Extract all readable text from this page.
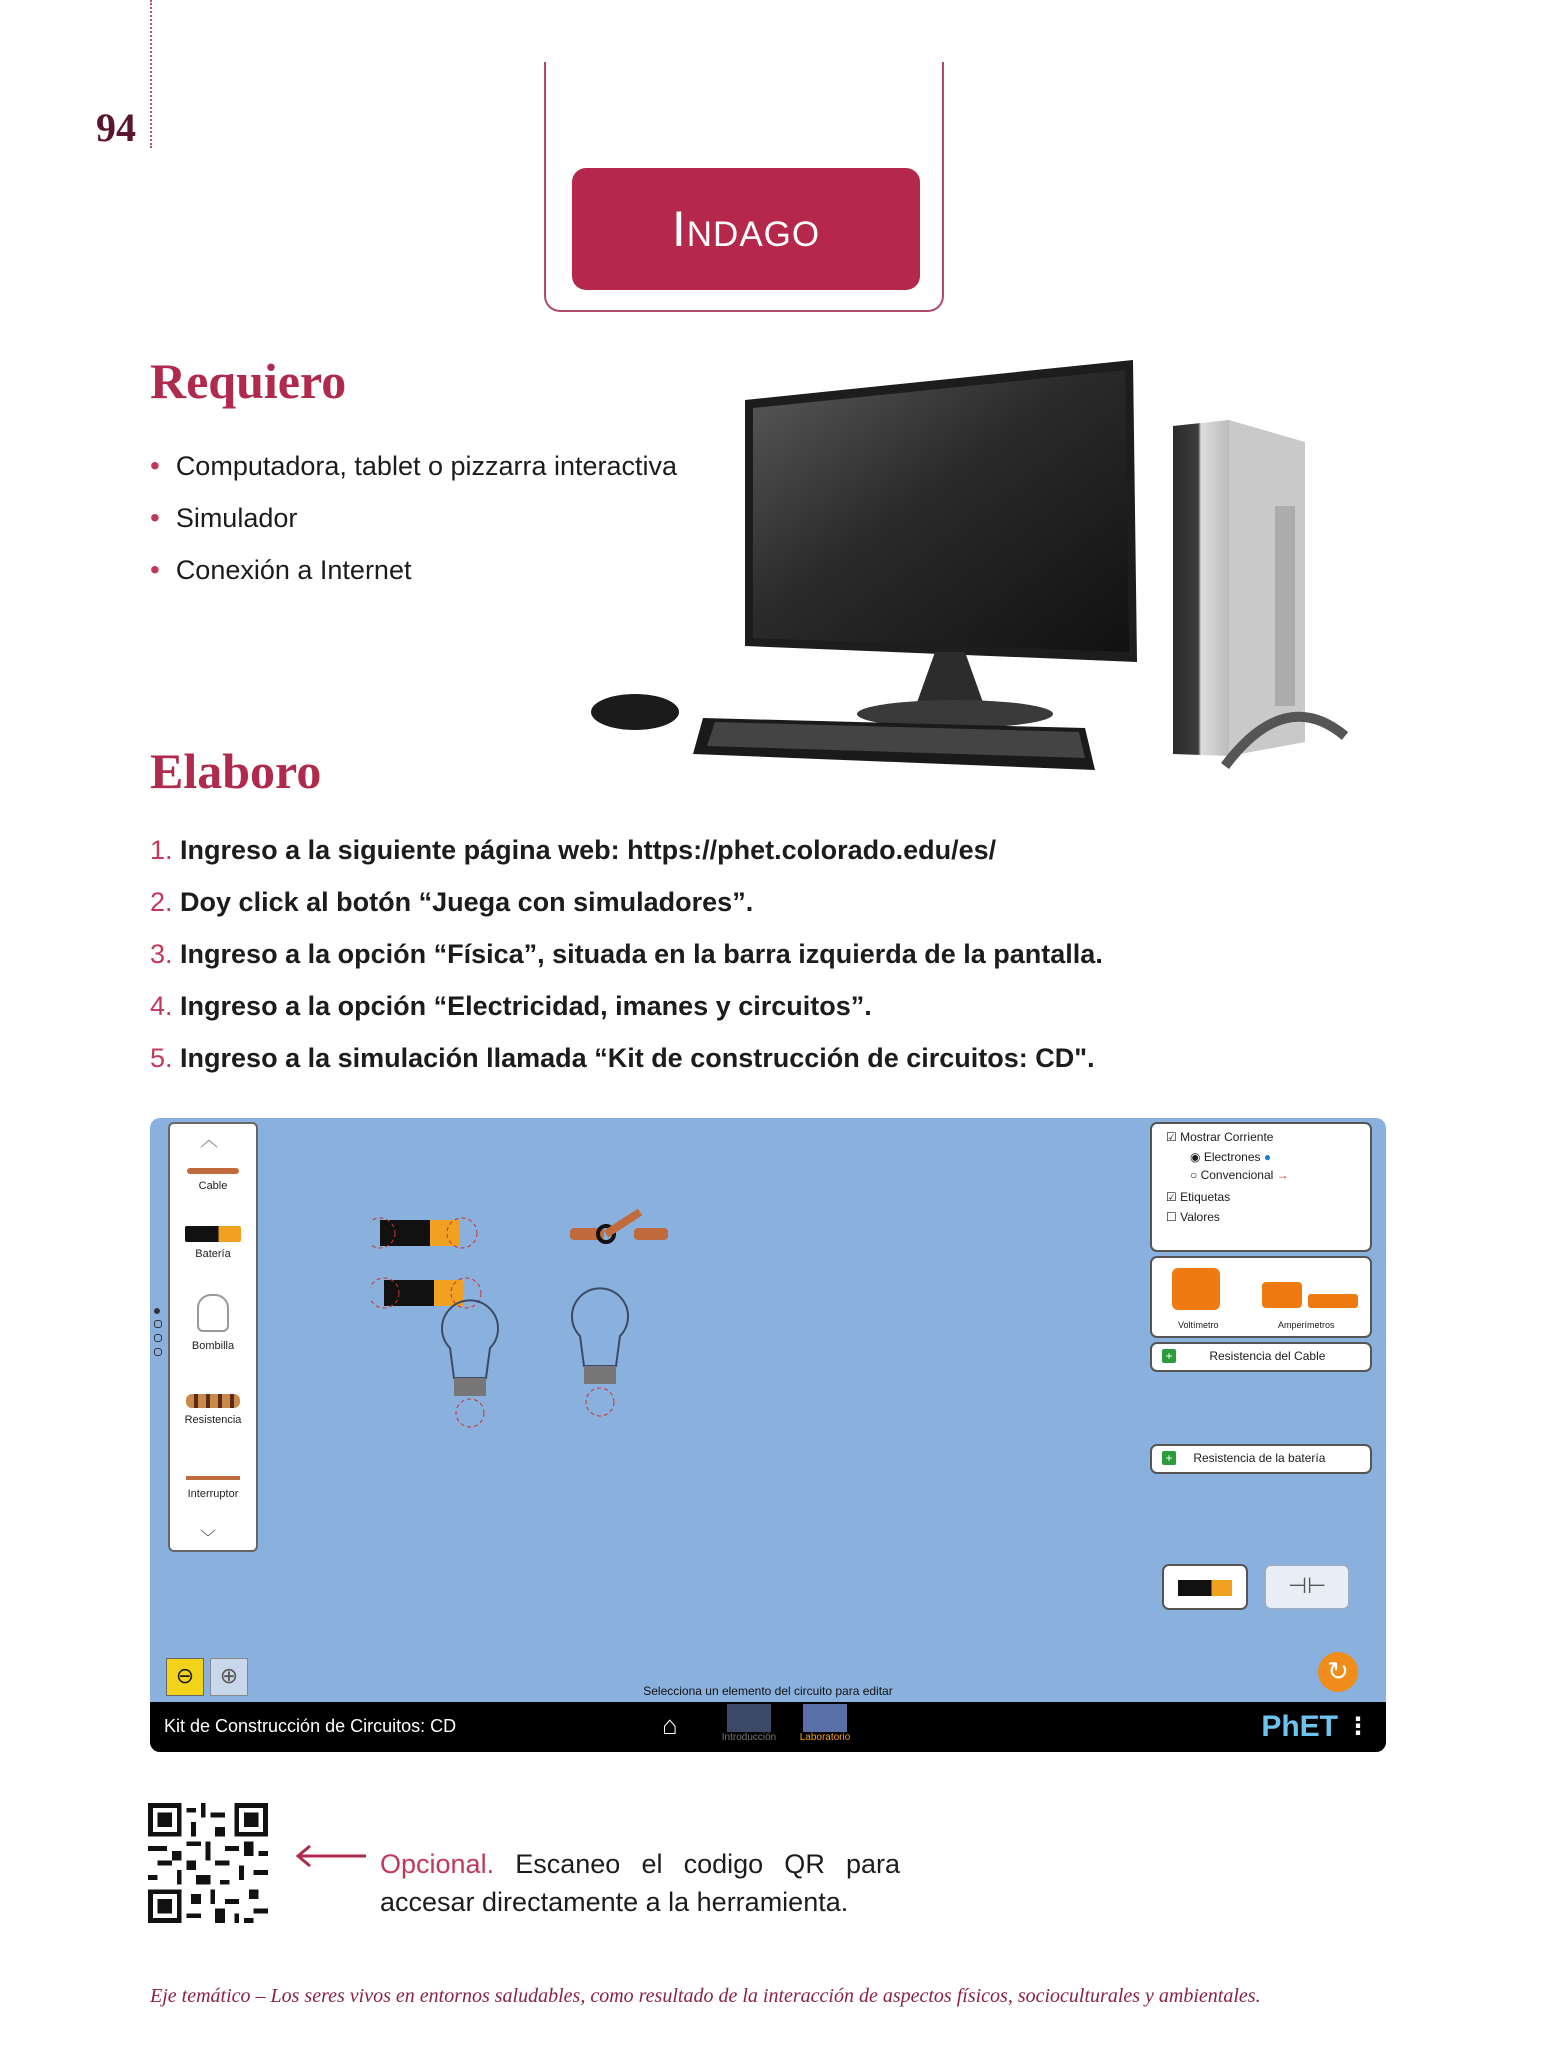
94
Indago
Requiero
• Computadora, tablet o pizzarra interactiva
• Simulador
• Conexión a Internet
Elaboro
1. Ingreso a la siguiente página web: https://phet.colorado.edu/es/
2. Doy click al botón “Juega con simuladores”.
3. Ingreso a la opción “Física”, situada en la barra izquierda de la pantalla.
4. Ingreso a la opción “Electricidad, imanes y circuitos”.
5. Ingreso a la simulación llamada “Kit de construcción de circuitos: CD".
︿
Cable
Batería
Bombilla
Resistencia
Interruptor
﹀
☑ Mostrar Corriente
◉ Electrones ●
○ Convencional →
☑ Etiquetas
☐ Valores
Voltímetro	Amperímetros
+	Resistencia del Cable
+ Resistencia de la batería
⊣⊢
⊖	⊕
Selecciona un elemento del circuito para editar
↻
Kit de Construcción de Circuitos: CD	⌂	Introducción	Laboratorio	PhET ⋮
Opcional. Escaneo el codigo QR para accesar directamente a la herramienta.
Eje temático – Los seres vivos en entornos saludables, como resultado de la interacción de aspectos físicos, socioculturales y ambientales.
